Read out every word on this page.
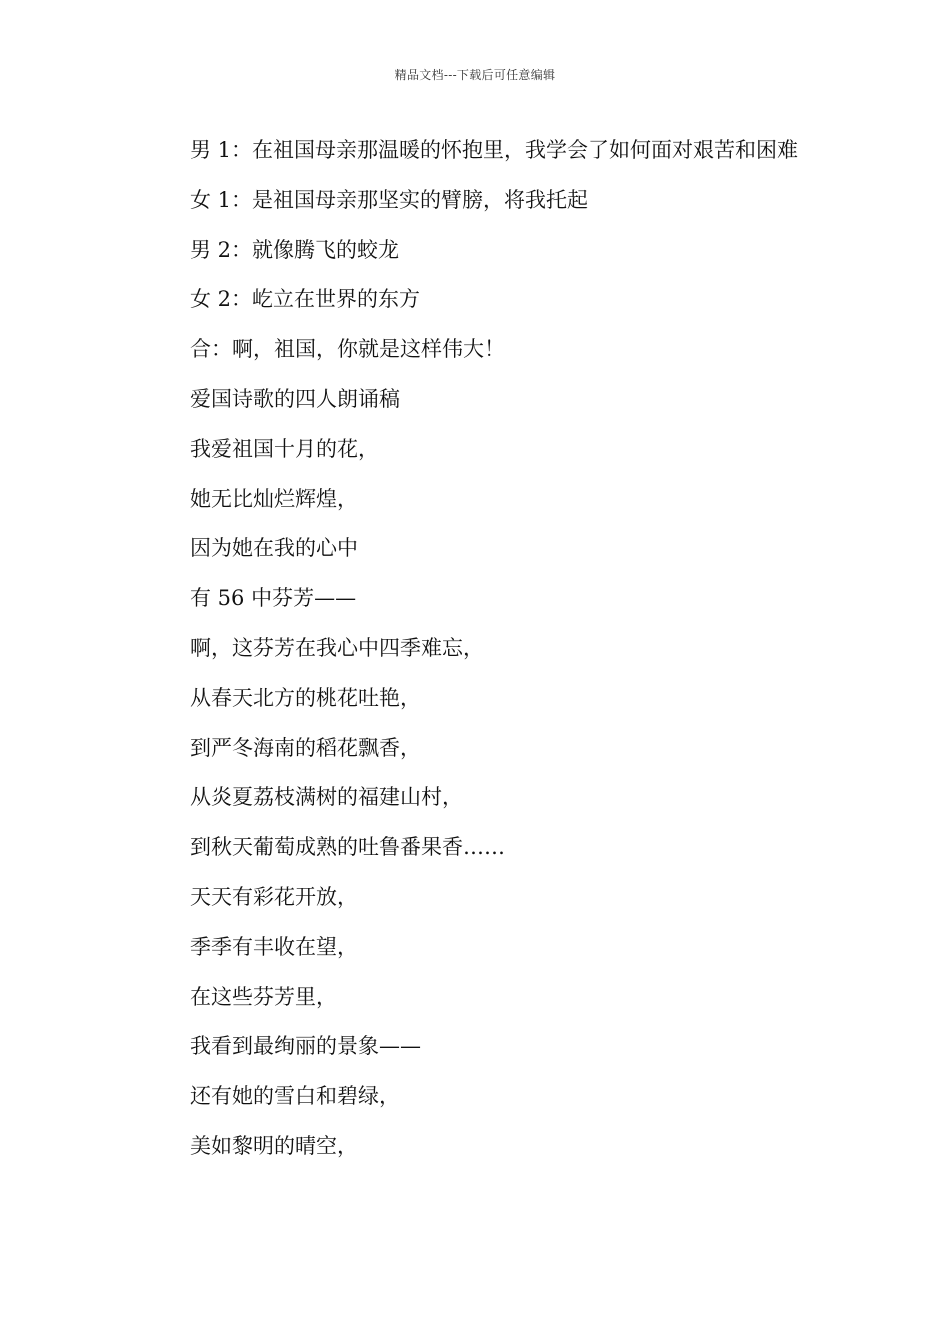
精品文档---下载后可任意编辑

男 1：在祖国母亲那温暖的怀抱里，我学会了如何面对艰苦和困难

女 1：是祖国母亲那坚实的臂膀，将我托起

男 2：就像腾飞的蛟龙

女 2：屹立在世界的东方

合：啊，祖国，你就是这样伟大！

爱国诗歌的四人朗诵稿

我爱祖国十月的花，

她无比灿烂辉煌，

因为她在我的心中

有 56 中芬芳——

啊，这芬芳在我心中四季难忘，

从春天北方的桃花吐艳，

到严冬海南的稻花飘香，

从炎夏荔枝满树的福建山村，

到秋天葡萄成熟的吐鲁番果香……

天天有彩花开放，

季季有丰收在望，

在这些芬芳里，

我看到最绚丽的景象——

还有她的雪白和碧绿，

美如黎明的晴空，
